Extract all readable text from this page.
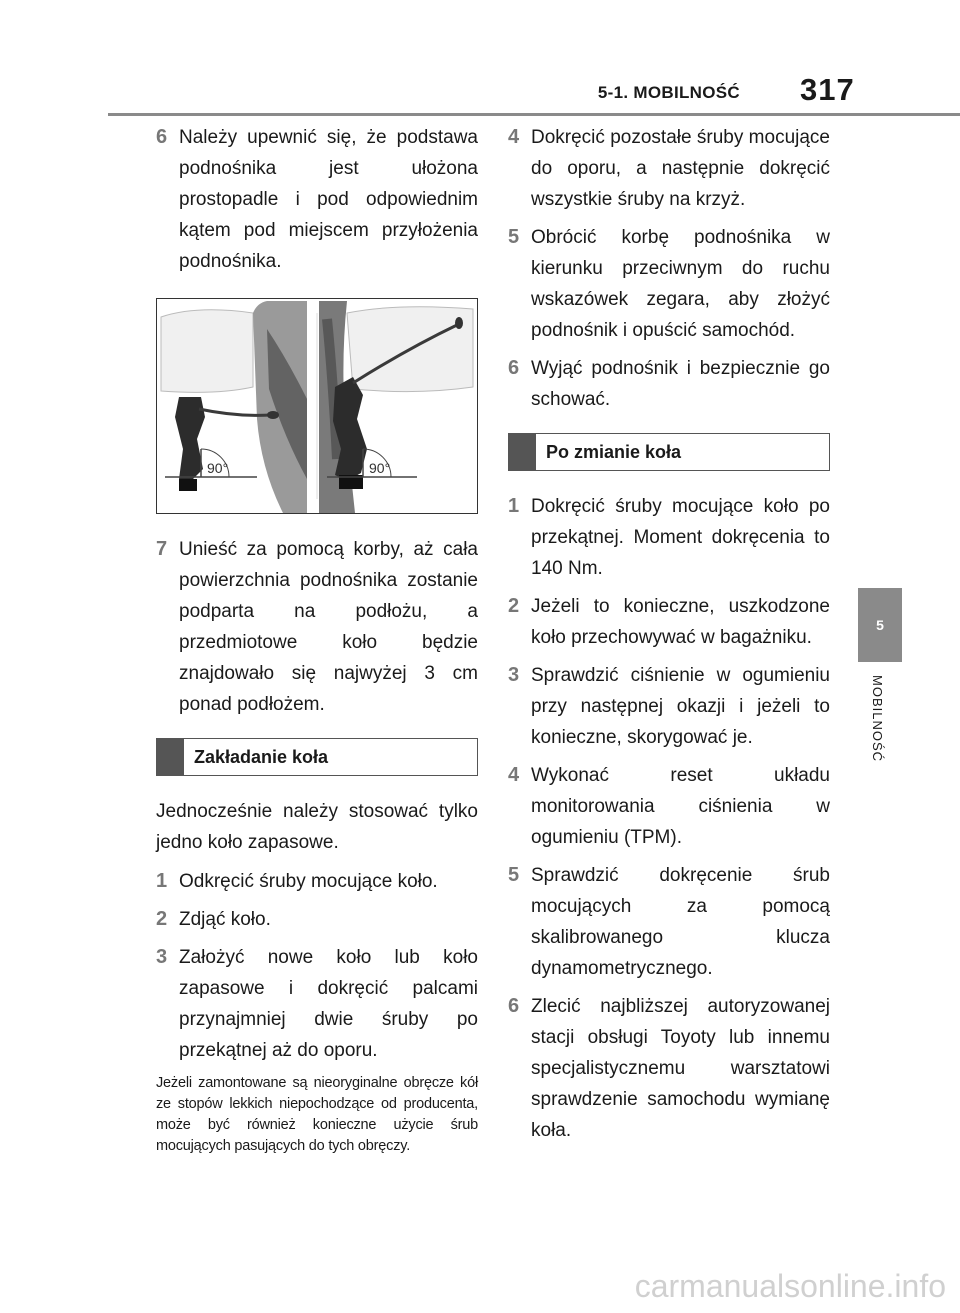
5-1. MOBILNOŚĆ 317
5
MOBILNOŚĆ
6 Należy upewnić się, że podstawa podnośnika jest ułożona prostopadle i pod odpowiednim kątem pod miejscem przyłożenia podnośnika.
90°	90°
7 Unieść za pomocą korby, aż cała powierzchnia podnośnika zostanie podparta na podłożu, a przedmiotowe koło będzie znajdowało się najwyżej 3 cm ponad podłożem.
Zakładanie koła

Jednocześnie należy stosować tylko jedno koło zapasowe.

1 Odkręcić śruby mocujące koło.
2 Zdjąć koło.
3 Założyć nowe koło lub koło zapasowe i dokręcić palcami przynajmniej dwie śruby po przekątnej aż do oporu.
Jeżeli zamontowane są nieoryginalne obręcze kół ze stopów lekkich niepochodzące od producenta, może być również konieczne użycie śrub mocujących pasujących do tych obręczy.
4 Dokręcić pozostałe śruby mocujące do oporu, a następnie dokręcić wszystkie śruby na krzyż.
5 Obrócić korbę podnośnika w kierunku przeciwnym do ruchu wskazówek zegara, aby złożyć podnośnik i opuścić samochód.
6 Wyjąć podnośnik i bezpiecznie go schować.
Po zmianie koła
1 Dokręcić śruby mocujące koło po przekątnej. Moment dokręcenia to 140 Nm.
2 Jeżeli to konieczne, uszkodzone koło przechowywać w bagażniku.
3 Sprawdzić ciśnienie w ogumieniu przy następnej okazji i jeżeli to konieczne, skorygować je.
4 Wykonać reset układu monitorowania ciśnienia w ogumieniu (TPM).
5 Sprawdzić dokręcenie śrub mocujących za pomocą skalibrowanego klucza dynamometrycznego.
6 Zlecić najbliższej autoryzowanej stacji obsługi Toyoty lub innemu specjalistycznemu warsztatowi sprawdzenie samochodu wymianę koła.
carmanualsonline.info
